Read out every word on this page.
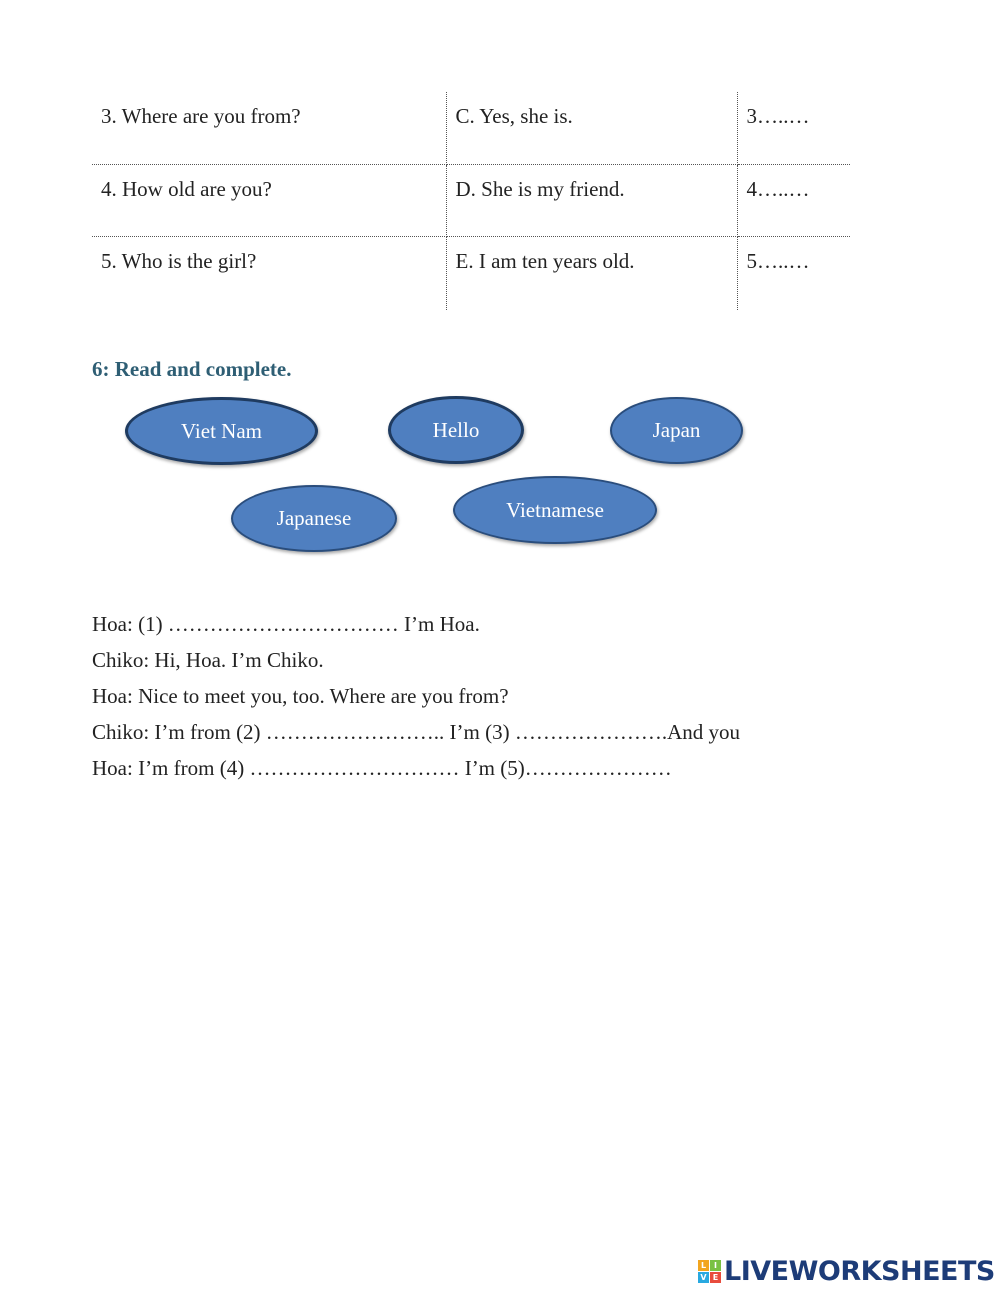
3. Where are you from?	C. Yes, she is.	3…..…
4. How old are you?	D. She is my friend.	4…..…
5. Who is the girl?	E. I am ten years old.	5…..…
6: Read and complete.
Viet Nam	Hello	Japan
Japanese	Vietnamese
Hoa: (1) …………………………… I’m Hoa.
Chiko: Hi, Hoa. I’m Chiko.
Hoa: Nice to meet you, too. Where are you from?
Chiko: I’m from (2) …………………….. I’m (3) ………………….And you
Hoa: I’m from (4) ………………………… I’m (5)…………………
L I
V E LIVEWORKSHEETS
